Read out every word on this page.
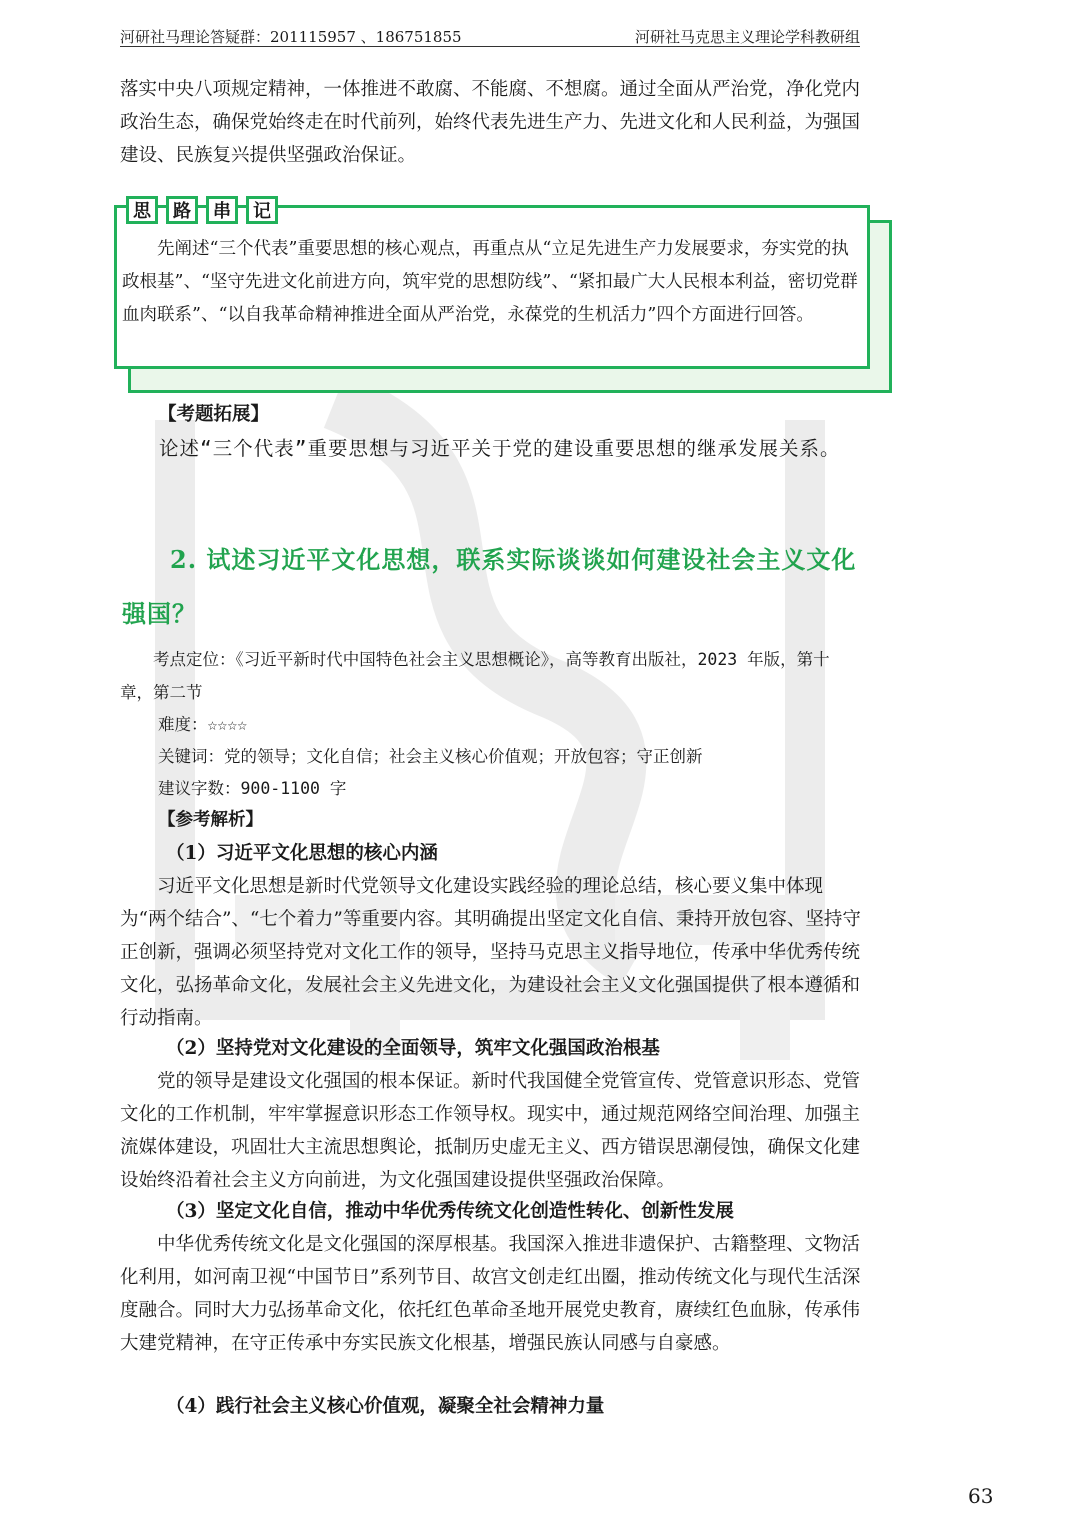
河研社马理论答疑群：201115957 、186751855	河研社马克思主义理论学科教研组

落实中央八项规定精神，一体推进不敢腐、不能腐、不想腐。通过全面从严治党，净化党内政治生态，确保党始终走在时代前列，始终代表先进生产力、先进文化和人民利益，为强国建设、民族复兴提供坚强政治保证。

思	路	串	记

先阐述“三个代表”重要思想的核心观点，再重点从“立足先进生产力发展要求，夯实党的执政根基”、“坚守先进文化前进方向，筑牢党的思想防线”、“紧扣最广大人民根本利益，密切党群血肉联系”、“以自我革命精神推进全面从严治党，永葆党的生机活力”四个方面进行回答。

【考题拓展】

论述“三个代表”重要思想与习近平关于党的建设重要思想的继承发展关系。

2. 试述习近平文化思想，联系实际谈谈如何建设社会主义文化
强国？

考点定位：《习近平新时代中国特色社会主义思想概论》，高等教育出版社，2023 年版，第十章，第二节

难度：☆☆☆☆

关键词：党的领导；文化自信；社会主义核心价值观；开放包容；守正创新

建议字数：900-1100 字

【参考解析】
（1）习近平文化思想的核心内涵

习近平文化思想是新时代党领导文化建设实践经验的理论总结，核心要义集中体现为“两个结合”、“七个着力”等重要内容。其明确提出坚定文化自信、秉持开放包容、坚持守正创新，强调必须坚持党对文化工作的领导，坚持马克思主义指导地位，传承中华优秀传统文化，弘扬革命文化，发展社会主义先进文化，为建设社会主义文化强国提供了根本遵循和行动指南。

（2）坚持党对文化建设的全面领导，筑牢文化强国政治根基

党的领导是建设文化强国的根本保证。新时代我国健全党管宣传、党管意识形态、党管文化的工作机制，牢牢掌握意识形态工作领导权。现实中，通过规范网络空间治理、加强主流媒体建设，巩固壮大主流思想舆论，抵制历史虚无主义、西方错误思潮侵蚀，确保文化建设始终沿着社会主义方向前进，为文化强国建设提供坚强政治保障。

（3）坚定文化自信，推动中华优秀传统文化创造性转化、创新性发展

中华优秀传统文化是文化强国的深厚根基。我国深入推进非遗保护、古籍整理、文物活化利用，如河南卫视“中国节日”系列节目、故宫文创走红出圈，推动传统文化与现代生活深度融合。同时大力弘扬革命文化，依托红色革命圣地开展党史教育，赓续红色血脉，传承伟大建党精神，在守正传承中夯实民族文化根基，增强民族认同感与自豪感。

（4）践行社会主义核心价值观，凝聚全社会精神力量
63
